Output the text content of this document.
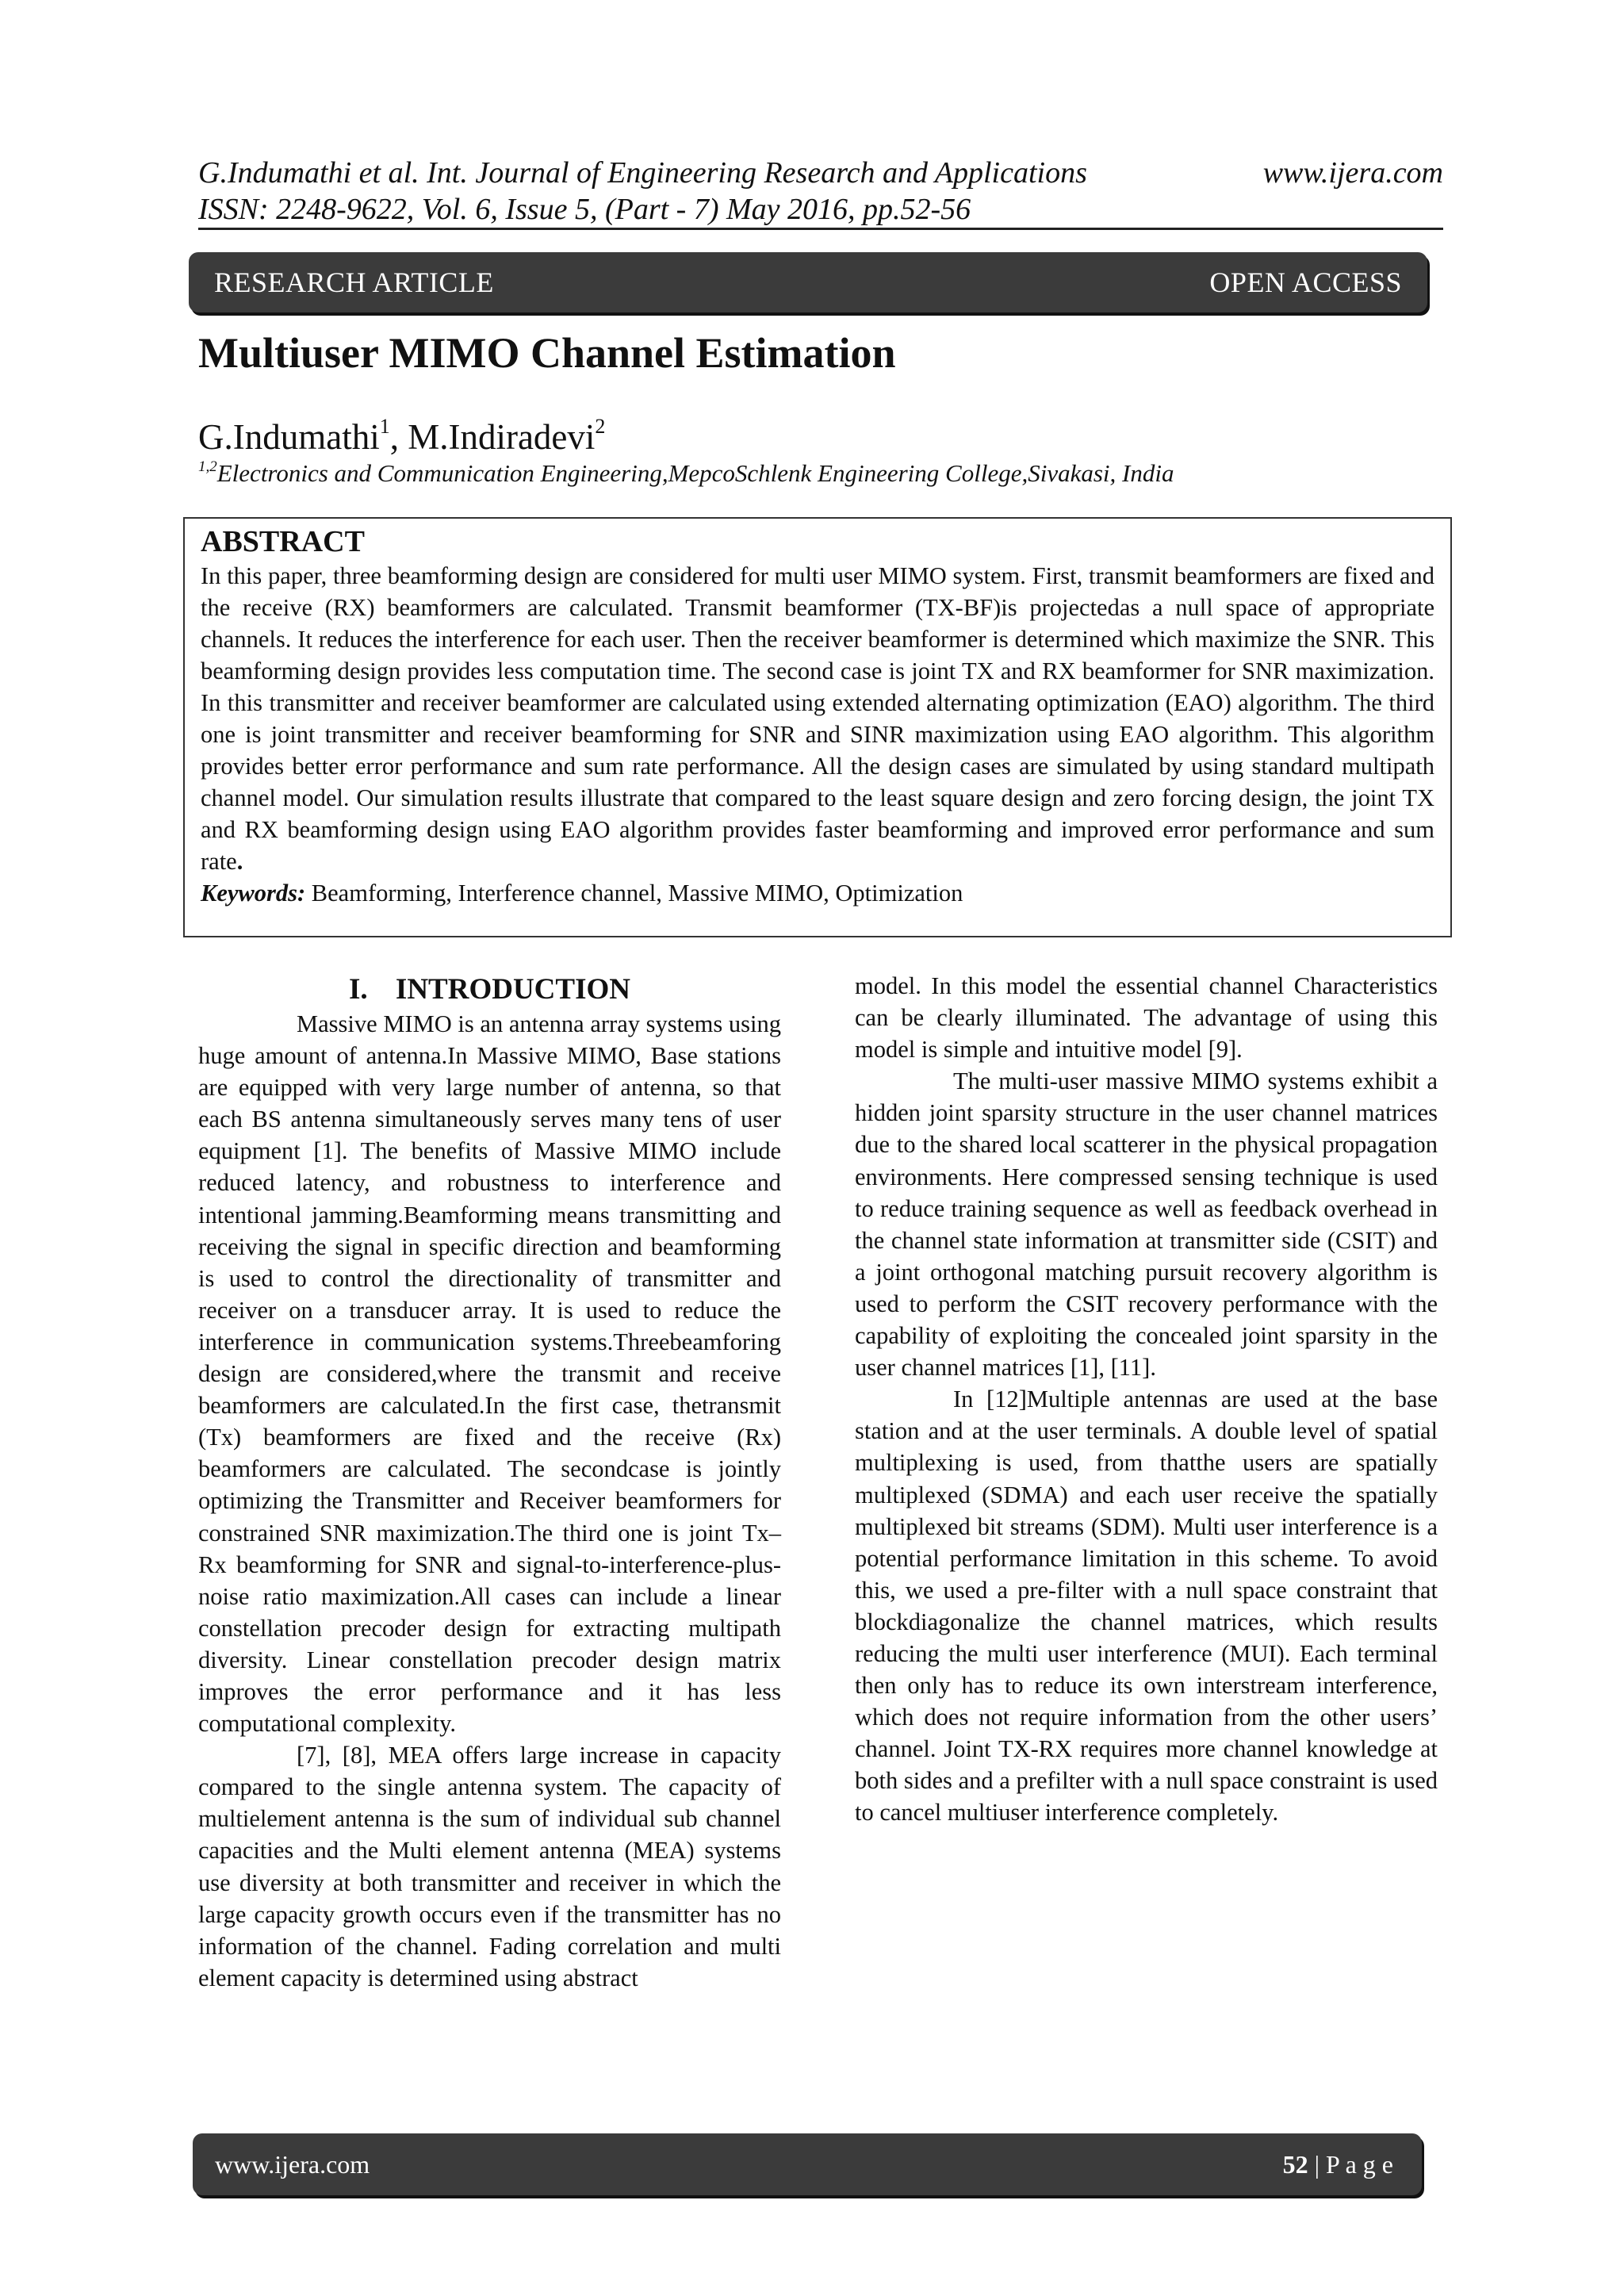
G.Indumathi et al. Int. Journal of Engineering Research and Applications	www.ijera.com
ISSN: 2248-9622, Vol. 6, Issue 5, (Part - 7) May 2016, pp.52-56
RESEARCH ARTICLE	OPEN ACCESS
Multiuser MIMO Channel Estimation
G.Indumathi$^1$, M.Indiradevi$^2$
$^{1,2}$Electronics and Communication Engineering,MepcoSchlenk Engineering College,Sivakasi, India
ABSTRACT
In this paper, three beamforming design are considered for multi user MIMO system. First, transmit beamformers are fixed and the receive (RX) beamformers are calculated. Transmit beamformer (TX-BF)is projectedas a null space of appropriate channels. It reduces the interference for each user. Then the receiver beamformer is determined which maximize the SNR. This beamforming design provides less computation time. The second case is joint TX and RX beamformer for SNR maximization. In this transmitter and receiver beamformer are calculated using extended alternating optimization (EAO) algorithm. The third one is joint transmitter and receiver beamforming for SNR and SINR maximization using EAO algorithm. This algorithm provides better error performance and sum rate performance. All the design cases are simulated by using standard multipath channel model. Our simulation results illustrate that compared to the least square design and zero forcing design, the joint TX and RX beamforming design using EAO algorithm provides faster beamforming and improved error performance and sum rate.
Keywords: Beamforming, Interference channel, Massive MIMO, Optimization

I. INTRODUCTION

Massive MIMO is an antenna array systems using huge amount of antenna.In Massive MIMO, Base stations are equipped with very large number of antenna, so that each BS antenna simultaneously serves many tens of user equipment [1]. The benefits of Massive MIMO include reduced latency, and robustness to interference and intentional jamming.Beamforming means transmitting and receiving the signal in specific direction and beamforming is used to control the directionality of transmitter and receiver on a transducer array. It is used to reduce the interference in communication systems.Threebeamforing design are considered,where the transmit and receive beamformers are calculated.In the first case, thetransmit (Tx) beamformers are fixed and the receive (Rx) beamformers are calculated. The secondcase is jointly optimizing the Transmitter and Receiver beamformers for constrained SNR maximization.The third one is joint Tx–Rx beamforming for SNR and signal-to-interference-plus-noise ratio maximization.All cases can include a linear constellation precoder design for extracting multipath diversity. Linear constellation precoder design matrix improves the error performance and it has less computational complexity.

[7], [8], MEA offers large increase in capacity compared to the single antenna system. The capacity of multielement antenna is the sum of individual sub channel capacities and the Multi element antenna (MEA) systems use diversity at both transmitter and receiver in which the large capacity growth occurs even if the transmitter has no information of the channel. Fading correlation and multi element capacity is determined using abstract

model. In this model the essential channel Characteristics can be clearly illuminated. The advantage of using this model is simple and intuitive model [9].

The multi-user massive MIMO systems exhibit a hidden joint sparsity structure in the user channel matrices due to the shared local scatterer in the physical propagation environments. Here compressed sensing technique is used to reduce training sequence as well as feedback overhead in the channel state information at transmitter side (CSIT) and a joint orthogonal matching pursuit recovery algorithm is used to perform the CSIT recovery performance with the capability of exploiting the concealed joint sparsity in the user channel matrices [1], [11].

In [12]Multiple antennas are used at the base station and at the user terminals. A double level of spatial multiplexing is used, from thatthe users are spatially multiplexed (SDMA) and each user receive the spatially multiplexed bit streams (SDM). Multi user interference is a potential performance limitation in this scheme. To avoid this, we used a pre-filter with a null space constraint that blockdiagonalize the channel matrices, which results reducing the multi user interference (MUI). Each terminal then only has to reduce its own interstream interference, which does not require information from the other users’ channel. Joint TX-RX requires more channel knowledge at both sides and a prefilter with a null space constraint is used to cancel multiuser interference completely.

www.ijera.com	52 | P a g e
